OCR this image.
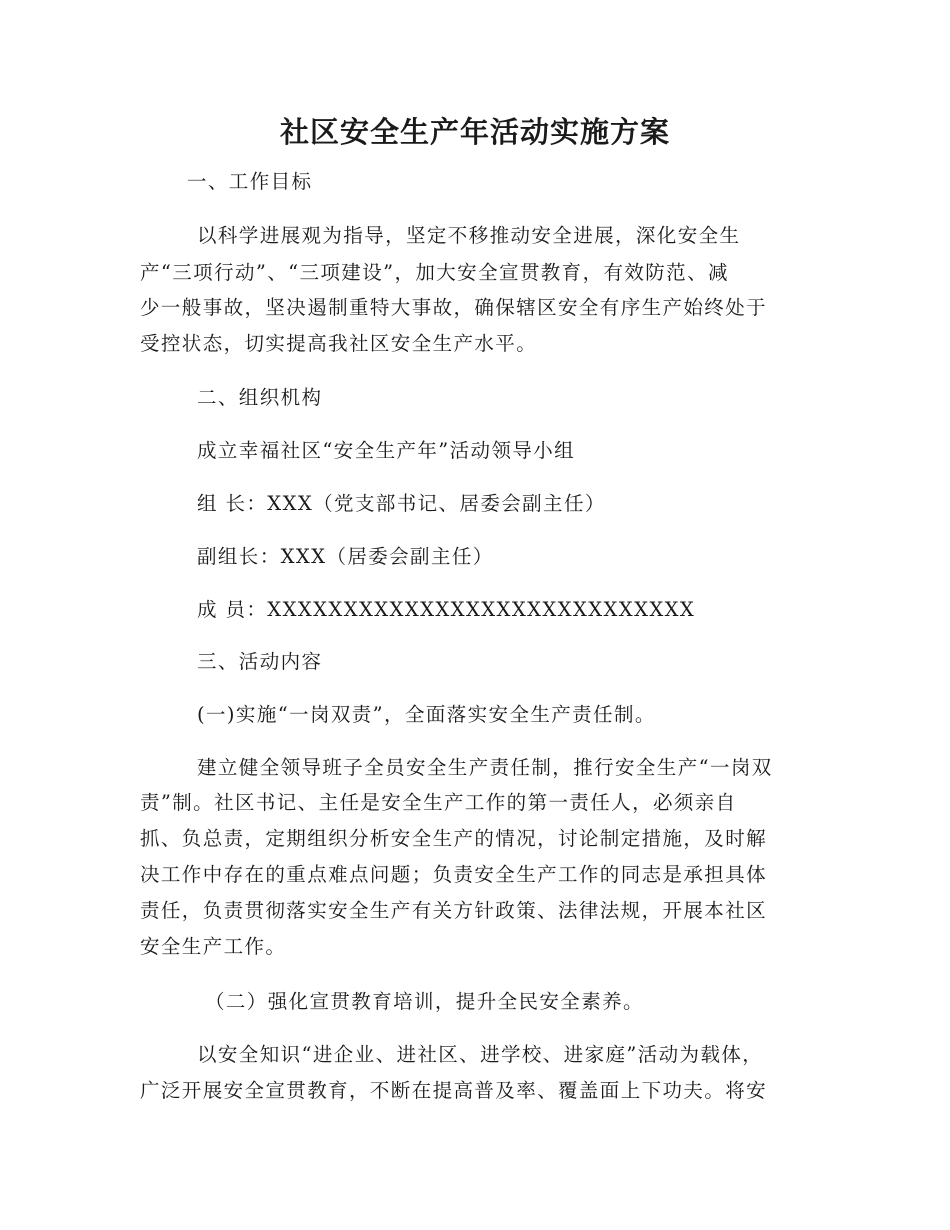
社区安全生产年活动实施方案
一、工作目标
以科学进展观为指导，坚定不移推动安全进展，深化安全生
产“三项行动”、“三项建设”，加大安全宣贯教育，有效防范、减
少一般事故，坚决遏制重特大事故，确保辖区安全有序生产始终处于
受控状态，切实提高我社区安全生产水平。
二、组织机构
成立幸福社区“安全生产年”活动领导小组
组 长：XXX（党支部书记、居委会副主任）
副组长：XXX（居委会副主任）
成 员：XXXXXXXXXXXXXXXXXXXXXXXXXXXX
三、活动内容
(一)实施“一岗双责”，全面落实安全生产责任制。
建立健全领导班子全员安全生产责任制，推行安全生产“一岗双
责”制。社区书记、主任是安全生产工作的第一责任人，必须亲自
抓、负总责，定期组织分析安全生产的情况，讨论制定措施，及时解
决工作中存在的重点难点问题；负责安全生产工作的同志是承担具体
责任，负责贯彻落实安全生产有关方针政策、法律法规，开展本社区
安全生产工作。
（二）强化宣贯教育培训，提升全民安全素养。
以安全知识“进企业、进社区、进学校、进家庭”活动为载体，
广泛开展安全宣贯教育，不断在提高普及率、覆盖面上下功夫。将安
